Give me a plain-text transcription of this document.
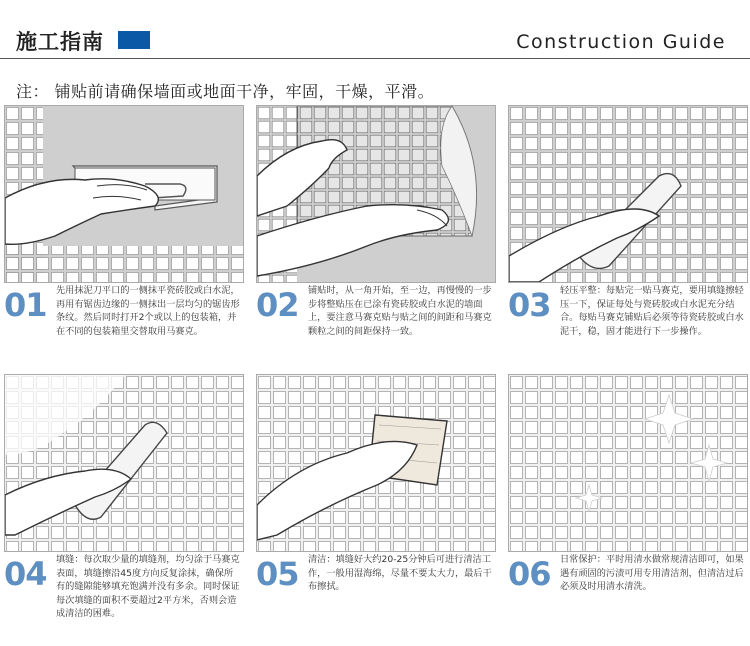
施工指南	Construction Guide
注： 铺贴前请确保墙面或地面干净，牢固，干燥，平滑。
01 先用抹泥刀平口的一侧抹平瓷砖胶或白水泥，再用有锯齿边缘的一侧抹出一层均匀的锯齿形条纹。然后同时打开2个或以上的包装箱，并在不同的包装箱里交替取用马赛克。
02 铺贴时，从一角开始，至一边，再慢慢的一步步将整贴压在已涂有瓷砖胶或白水泥的墙面上，要注意马赛克贴与贴之间的间距和马赛克颗粒之间的间距保持一致。
03 轻压平整：每贴完一贴马赛克，要用填缝擦轻压一下，保证每处与瓷砖胶或白水泥充分结合。每贴马赛克铺贴后必须等待瓷砖胶或白水泥干，稳，固才能进行下一步操作。
04 填缝：每次取少量的填缝剂，均匀涂于马赛克表面，填缝擦沿45度方向反复涂抹，确保所有的缝隙能够填充饱满并没有多余。同时保证每次填缝的面积不要超过2平方米，否则会造成清洁的困难。
05 清洁：填缝好大约20-25分钟后可进行清洁工作，一般用湿海绵，尽量不要太大力，最后干布擦拭。	06 日常保护：平时用清水做常规清洁即可，如果遇有顽固的污渍可用专用清洁剂，但清洁过后必须及时用清水清洗。
